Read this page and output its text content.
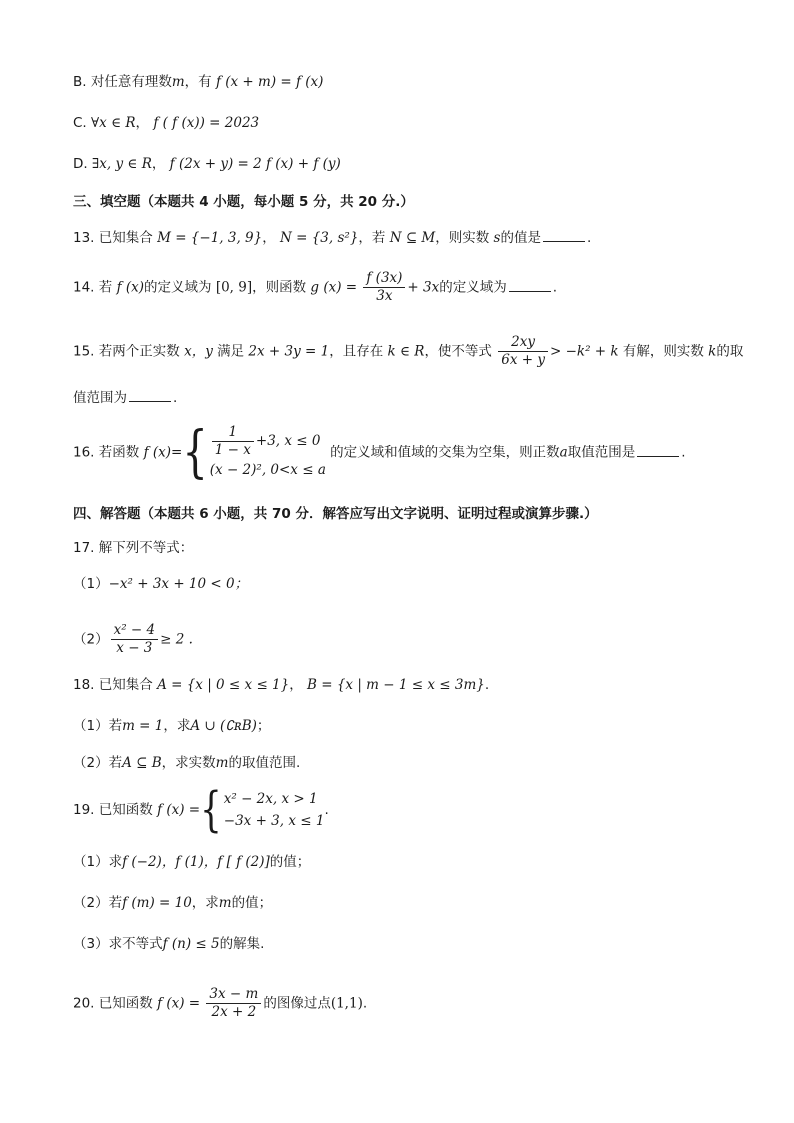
B. 对任意有理数m，有 f (x + m) = f (x)
C. ∀x ∈ R， f ( f (x)) = 2023
D. ∃x, y ∈ R， f (2x + y) = 2 f (x) + f (y)
三、填空题（本题共 4 小题，每小题 5 分，共 20 分.）
13. 已知集合 M = {−1, 3, 9}， N = {3, s²}，若 N ⊆ M，则实数 s的值是	.
14. 若 f (x)的定义域为 [0, 9]，则函数 g $(x) = \frac{f (3x)}{3x} + 3x$的定义域为	.
15. 若两个正实数 x，y 满足 2x + 3y = 1，且存在 k ∈ R，使不等式 $\frac{2xy}{6x + y} > -k^2 + k$ 有解，则实数 k的取
值范围为	.
16. 若函数 f $(x)=\{ \frac{1}{1 - x} +3$, x ≤ 0
(x − 2)², 0<x ≤ a
的定义域和值域的交集为空集，则正数a取值范围是	.
四、解答题（本题共 6 小题，共 70 分．解答应写出文字说明、证明过程或演算步骤.）
17. 解下列不等式：
（1）−x² + 3x + 10 < 0；
$(2) \frac{\text{x² − 4}}{x - 3} \ge 2$ .
18. 已知集合 A = {x | 0 ≤ x ≤ 1}， B = {x | m − 1 ≤ x ≤ 3m}.
（1）若m = 1，求A ∪ (∁ʀB)；
（2）若A ⊆ B，求实数m的取值范围.
19. 已知函数 f (x) ={ x² − 2x, x > 1
−3x + 3, x ≤ 1
.
（1）求f (−2)，f (1)，f [ f (2)]的值；
（2）若f (m) = 10，求m的值；
（3）求不等式f (n) ≤ 5的解集.
20. 已知函数 f $(x) = \frac{3x - m}{2x + 2}$ 的图像过点(1,1).
